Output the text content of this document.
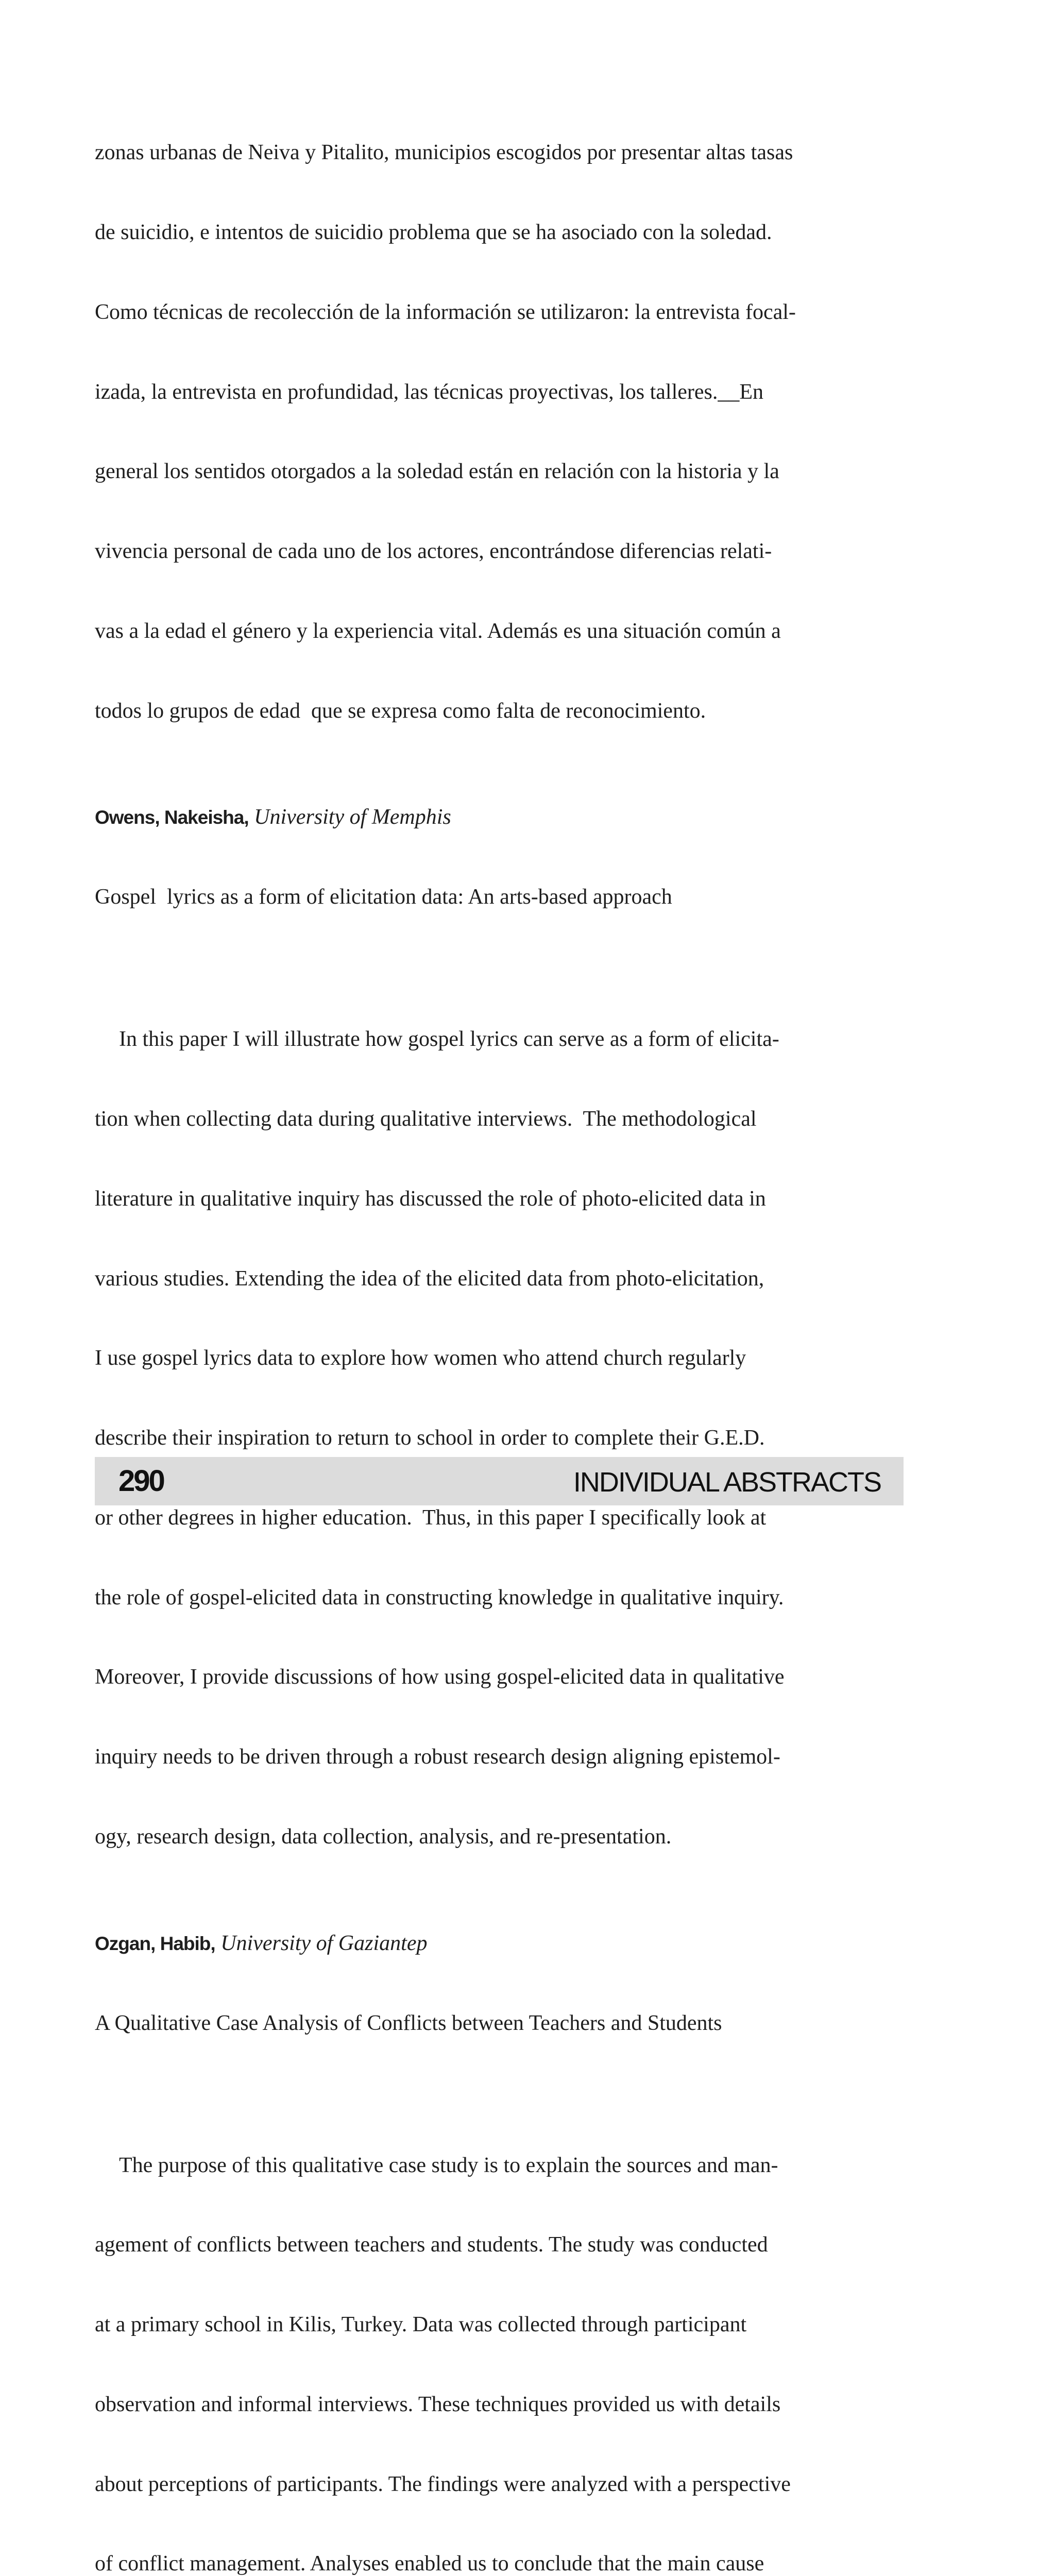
zonas urbanas de Neiva y Pitalito, municipios escogidos por presentar altas tasas

de suicidio, e intentos de suicidio problema que se ha asociado con la soledad.

Como técnicas de recolección de la información se utilizaron: la entrevista focal-

izada, la entrevista en profundidad, las técnicas proyectivas, los talleres.__En

general los sentidos otorgados a la soledad están en relación con la historia y la

vivencia personal de cada uno de los actores, encontrándose diferencias relati-

vas a la edad el género y la experiencia vital. Además es una situación común a

todos lo grupos de edad  que se expresa como falta de reconocimiento.

Owens, Nakeisha, University of Memphis

Gospel  lyrics as a form of elicitation data: An arts-based approach

In this paper I will illustrate how gospel lyrics can serve as a form of elicita-

tion when collecting data during qualitative interviews.  The methodological

literature in qualitative inquiry has discussed the role of photo-elicited data in

various studies. Extending the idea of the elicited data from photo-elicitation,

I use gospel lyrics data to explore how women who attend church regularly

describe their inspiration to return to school in order to complete their G.E.D.

or other degrees in higher education.  Thus, in this paper I specifically look at

the role of gospel-elicited data in constructing knowledge in qualitative inquiry.

Moreover, I provide discussions of how using gospel-elicited data in qualitative

inquiry needs to be driven through a robust research design aligning epistemol-

ogy, research design, data collection, analysis, and re-presentation.

Ozgan, Habib, University of Gaziantep

A Qualitative Case Analysis of Conflicts between Teachers and Students

The purpose of this qualitative case study is to explain the sources and man-

agement of conflicts between teachers and students. The study was conducted

at a primary school in Kilis, Turkey. Data was collected through participant

observation and informal interviews. These techniques provided us with details

about perceptions of participants. The findings were analyzed with a perspective

of conflict management. Analyses enabled us to conclude that the main cause

290	INDIVIDUAL ABSTRACTS
